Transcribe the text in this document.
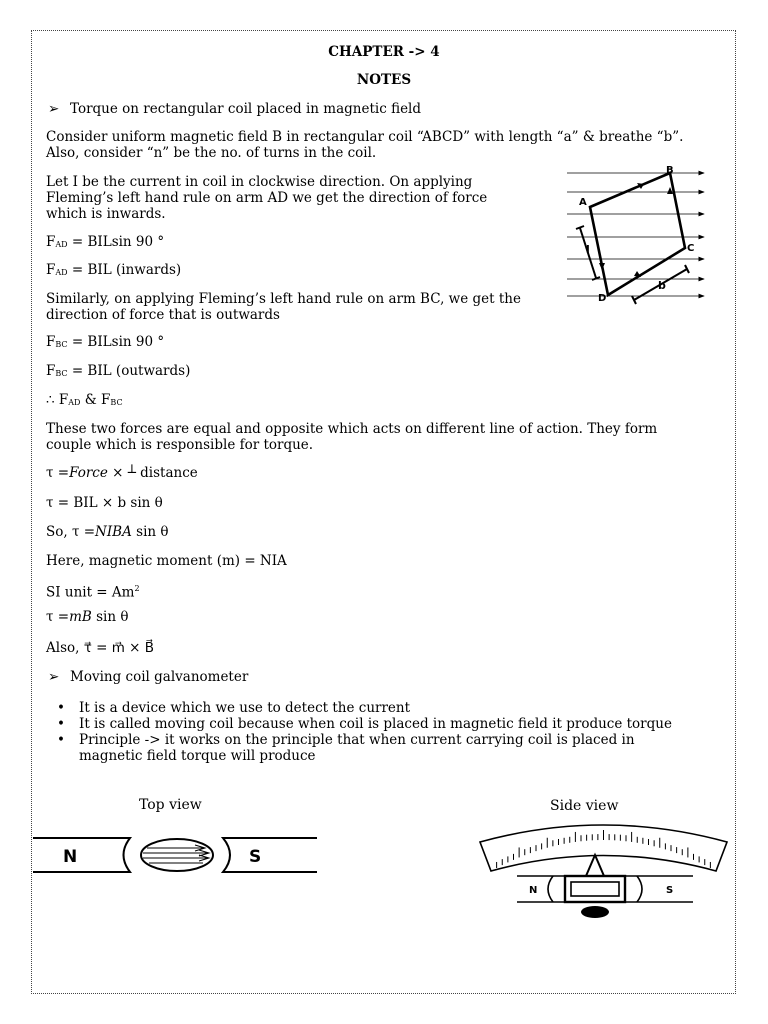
CHAPTER -> 4
NOTES
➢ Torque on rectangular coil placed in magnetic field
Consider uniform magnetic field B in rectangular coil “ABCD” with length “a” & breathe “b”.
Also, consider “n” be the no. of turns in the coil.
Let I be the current in coil in clockwise direction. On applying
Fleming’s left hand rule on arm AD we get the direction of force
which is inwards.
$F_{AD} = BILsin$ 90 °
$F_{AD}$ = BIL (inwards)
Similarly, on applying Fleming’s left hand rule on arm BC, we get the
direction of force that is outwards
$F_{BC} = BILsin$ 90 °
$F_{BC}$ = BIL (outwards)
∴ $F_{AD}$ & $F_{BC}$
These two forces are equal and opposite which acts on different line of action. They form
couple which is responsible for torque.
τ =Force × ┴ distance
τ = BIL × b sin θ
So, τ =NIBA sin θ
Here, magnetic moment (m) = NIA
SI unit = $Am^2$
τ =mB sin θ
Also, τ⃗ = m⃗ × B⃗
➢ Moving coil galvanometer
• It is a device which we use to detect the current
• It is called moving coil because when coil is placed in magnetic field it produce torque
• Principle -> it works on the principle that when current carrying coil is placed in
magnetic field torque will produce
A
B
C
D
l
b
Top view
N	S
Side view
N	S
